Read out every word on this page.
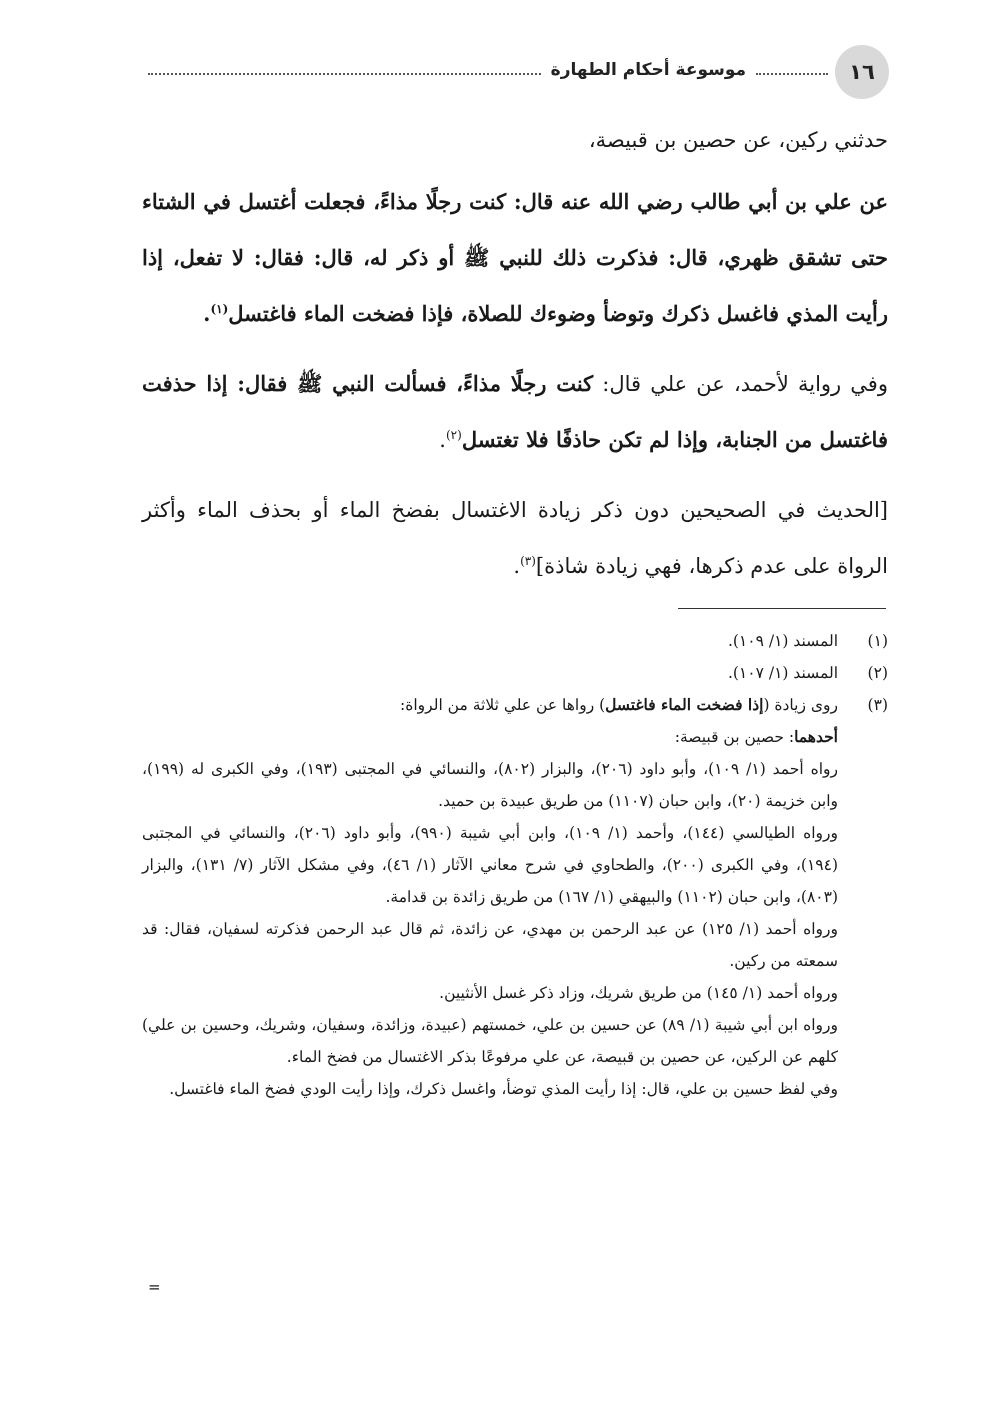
١٦
موسوعة أحكام الطهارة

حدثني ركين، عن حصين بن قبيصة،

عن علي بن أبي طالب رضي الله عنه قال: كنت رجلًا مذاءً، فجعلت أغتسل في الشتاء حتى تشقق ظهري، قال: فذكرت ذلك للنبي ﷺ أو ذكر له، قال: فقال: لا تفعل، إذا رأيت المذي فاغسل ذكرك وتوضأ وضوءك للصلاة، فإذا فضخت الماء فاغتسل$^{(١)}$.

وفي رواية لأحمد، عن علي قال: كنت رجلًا مذاءً، فسألت النبي ﷺ فقال: إذا حذفت فاغتسل من الجنابة، وإذا لم تكن حاذفًا فلا تغتسل$^{(٢)}$.

[الحديث في الصحيحين دون ذكر زيادة الاغتسال بفضخ الماء أو بحذف الماء وأكثر الرواة على عدم ذكرها، فهي زيادة شاذة]$^{(٣)}$.

(١)
المسند (١/ ١٠٩).
(٢)
المسند (١/ ١٠٧).
(٣)

روى زيادة (إذا فضخت الماء فاغتسل) رواها عن علي ثلاثة من الرواة:

أحدهما: حصين بن قبيصة:

رواه أحمد (١/ ١٠٩)، وأبو داود (٢٠٦)، والبزار (٨٠٢)، والنسائي في المجتبى (١٩٣)، وفي الكبرى له (١٩٩)، وابن خزيمة (٢٠)، وابن حبان (١١٠٧) من طريق عبيدة بن حميد.

ورواه الطيالسي (١٤٤)، وأحمد (١/ ١٠٩)، وابن أبي شيبة (٩٩٠)، وأبو داود (٢٠٦)، والنسائي في المجتبى (١٩٤)، وفي الكبرى (٢٠٠)، والطحاوي في شرح معاني الآثار (١/ ٤٦)، وفي مشكل الآثار (٧/ ١٣١)، والبزار (٨٠٣)، وابن حبان (١١٠٢) والبيهقي (١/ ١٦٧) من طريق زائدة بن قدامة.

ورواه أحمد (١/ ١٢٥) عن عبد الرحمن بن مهدي، عن زائدة، ثم قال عبد الرحمن فذكرته لسفيان، فقال: قد سمعته من ركين.

ورواه أحمد (١/ ١٤٥) من طريق شريك، وزاد ذكر غسل الأنثيين.

ورواه ابن أبي شيبة (١/ ٨٩) عن حسين بن علي، خمستهم (عبيدة، وزائدة، وسفيان، وشريك، وحسين بن علي) كلهم عن الركين، عن حصين بن قبيصة، عن علي مرفوعًا بذكر الاغتسال من فضخ الماء.

وفي لفظ حسين بن علي، قال: إذا رأيت المذي توضأ، واغسل ذكرك، وإذا رأيت الودي فضخ الماء فاغتسل.

=
